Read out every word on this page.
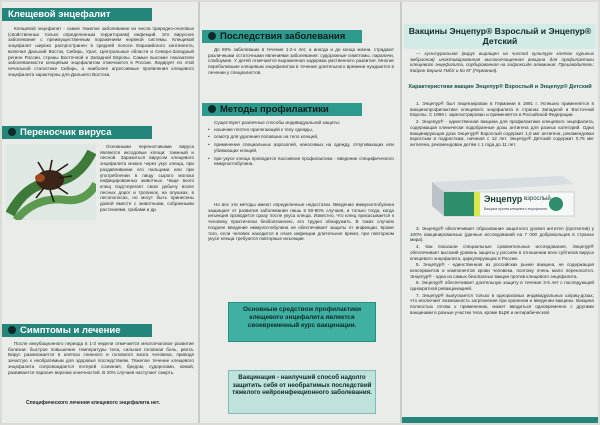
Клещевой энцефалит

Клещевой энцефалит - самое тяжелое заболевание из числа природно-очаговых (свойственных только определенным территориям) инфекций. Это вирусное заболевание с преимущественным поражением нервной системы. Клещевой энцефалит широко распространен в средней полосе Евразийского континента, включая Дальний Восток, Сибирь, Урал, Центральные области и Северо-Западный регион России, страны Восточной и Западной Европы. Самые высокие показатели заболеваемости клещевым энцефалитом отмечаются в России. Лидирует по этой печальной статистике Сибирь, а наиболее агрессивные проявления клещевого энцефалита характерны для Дальнего Востока.

Переносчик вируса

Основными переносчиками вируса являются иксодовые клещи: таежный и лесной. Заразиться вирусом клещевого энцефалита можно через укус клеща, при раздавливании его пальцами или при употреблении в пищу сырого молока инфицированных животных. Чаще всего клещ подстерегает свою добычу возле лесных дорог и тропинок, на опушках, в лесополосах, но могут быть принесены домой вместе с животными, собранными растениями, грибами и др.

Симптомы и лечение

После инкубационного периода в 1-3 недели отмечается многоочаговое развитие болезни: быстрое повышение температуры тела, сильная головная боль, рвота. Вирус размножается в клетках спинного и головного мозга человека, приводя зачастую к необратимым для здоровья последствиям. Тяжелое течение клещевого энцефалита сопровождается потерей сознания, бредом, судорогами, комой, развивается паралич верхних конечностей. В 20% случаев наступает смерть.

Специфического лечения клещевого энцефалита нет.

Последствия заболевания

До 80% заболевших в течение 1-2-х лет, а иногда и до конца жизни, страдают различными остаточными явлениями заболевания: судорожные симптомы, параличи, слабоумие. У детей отмечается выраженная задержка умственного развития. Многие переболевшие клещевым энцефалитом в течение длительного времени нуждаются в лечении у специалистов.

Методы профилактики

Существуют различные способы индивидуальной защиты:

• ношение плотно прилегающей к телу одежды,
• осмотр для удаления попавших на тело клещей,
• применение специальных аэрозолей, наносимых на одежду, отпугивающих или убивающих клещей,
• при укусе клеща проводится пассивная профилактика - введение специфического иммуноглобулина.

Но все эти методы имеют определенные недостатки. Введение иммуноглобулина защищает от развития заболевания лишь в 50-80% случаев, и только тогда, когда инъекция проводится сразу после укуса клеща. Известно, что клещ присасывается к человеку практически безболезненно, его трудно обнаружить. В таких случаях позднее введение иммуноглобулина не обеспечивает защиты от инфекции. Кроме того, если человек находится в очаге инфекции длительное время, при повторном укусе клеща требуются повторные инъекции.

Основным средством профилактики клещевого энцефалита является своевременный курс вакцинации.
Вакцинация - наилучший способ надолго защитить себя от необратимых последствий тяжелого нейроинфекционного заболевания.
Вакцины Энцепур® Взрослый и Энцепур® Детский

— культуральная (вирус выращен на чистой культуре клеток куриных эмбрионов) инактивированная высокоочищенная вакцина для профилактики клещевого энцефалита, сорбированная на гидроксиде алюминия. Производитель: Кайрон Беринг ГмбХ и Ко КГ (Германия).

Характеристики вакцин Энцепур® Взрослый и Энцепур® Детский

1. Энцепур® был лицензирован в Германии в 1991 г. Успешно применяется в вакцинопрофилактике клещевого энцефалита в странах Западной и Восточной Европы. С 1999 г. зарегистрирован и применяется в Российской Федерации.

2. Энцепур® - единственная вакцина для профилактики клещевого энцефалита, содержащая клинически подобранные дозы антигена для разных категорий. Одна вакцинирующая доза Энцепур® Взрослый содержит 1,5 мкг антигена, рекомендован взрослым и подросткам, начиная с 12 лет. Энцепур® Детский содержит 0,75 мкг антигена, рекомендован детям с 1 года до 11 лет.

Энцепур взрослый
Вакцина против клещевого энцефалита

3. Энцепур® обеспечивает образование защитного уровня антител (протектив) у 100% вакцинированных (данные исследований на 7 000 добровольцев в странах мира).

4. Как показали специальные сравнительные исследования, Энцепур® обеспечивает высокий уровень защиты у россиян в отношении всех субтипов вируса клещевого энцефалита, циркулирующих в России.

5. Энцепур® - единственная из российских рынке вакцина, не содержащая консервантов и компонентов крови человека, поэтому очень мало переносится. Энцепур® - одна из самых безопасных вакцин против клещевого энцефалита.

6. Энцепур® обеспечивает длительную защиту в течение 3-5 лет с последующей однократной ревакцинацией.

7. Энцепур® выпускается только в одноразовых индивидуальных шприц-дозах, что исключает возможность загрязнения при хранении и введении вакцины. Вакцина полностью готова к применению, может вводиться одновременно с другими вакцинами в разные участки тела, кроме БЦЖ и антирабической.
